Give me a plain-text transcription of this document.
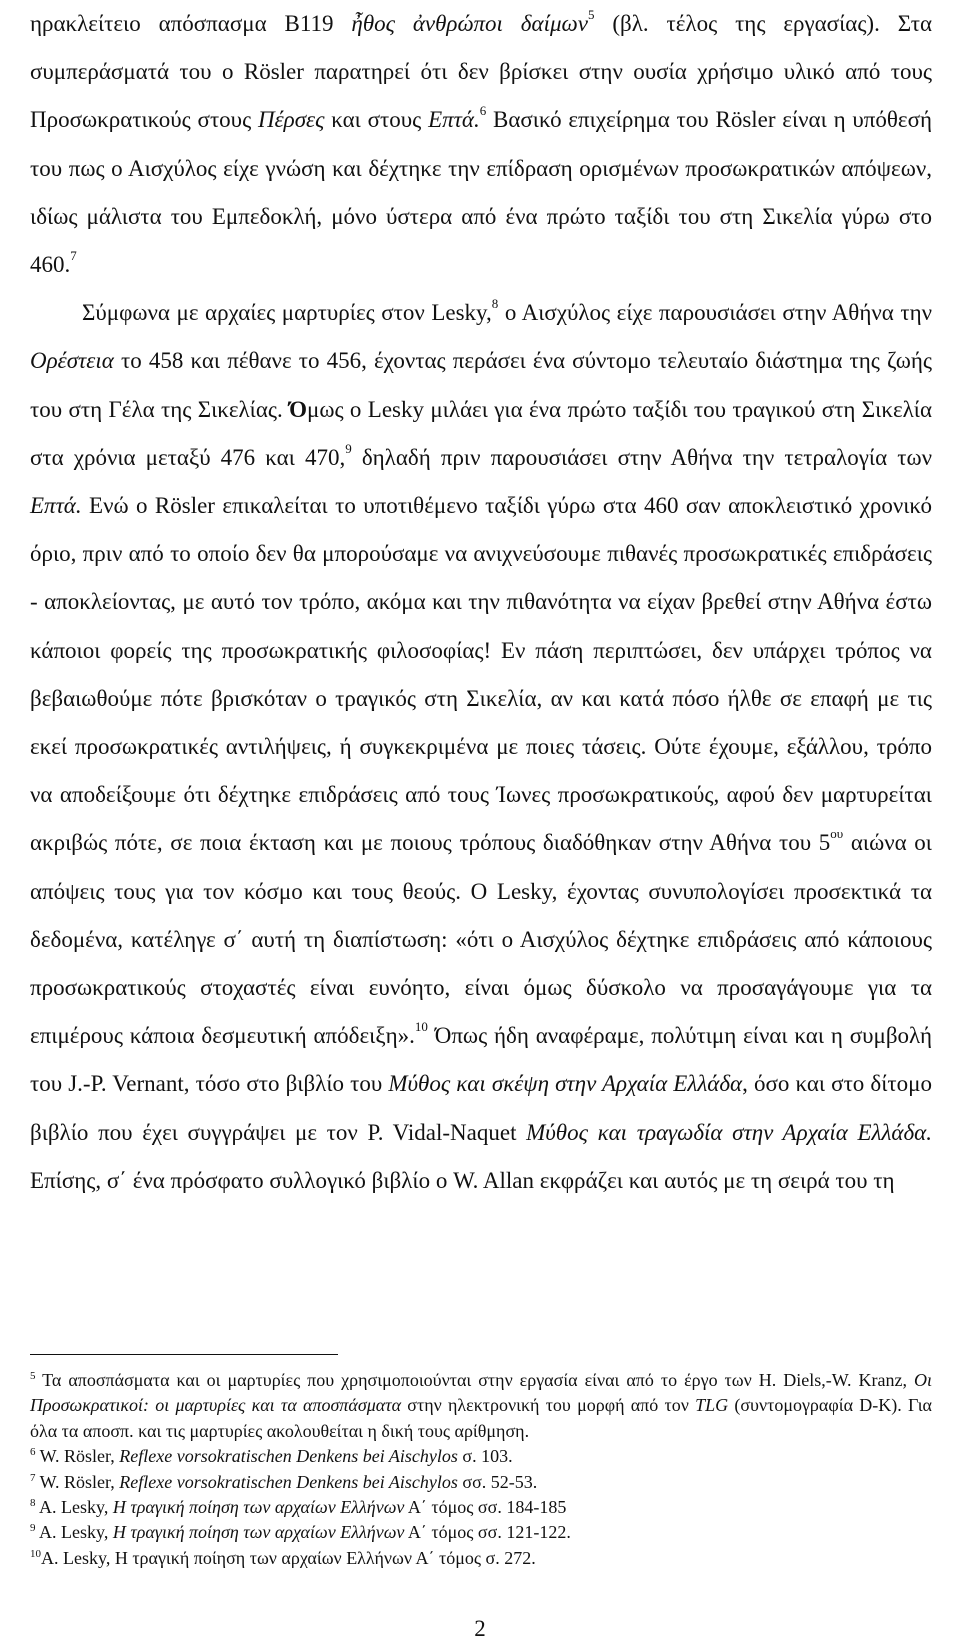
ηρακλείτειο απόσπασμα Β119 ἦθος ἀνθρώποι δαίμων$^5$ (βλ. τέλος της εργασίας). Στα συμπεράσματά του ο Rösler παρατηρεί ότι δεν βρίσκει στην ουσία χρήσιμο υλικό από τους Προσωκρατικούς στους Πέρσες και στους Επτά.$^6$ Βασικό επιχείρημα του Rösler είναι η υπόθεσή του πως ο Αισχύλος είχε γνώση και δέχτηκε την επίδραση ορισμένων προσωκρατικών απόψεων, ιδίως μάλιστα του Εμπεδοκλή, μόνο ύστερα από ένα πρώτο ταξίδι του στη Σικελία γύρω στο 460.$^7$

Σύμφωνα με αρχαίες μαρτυρίες στον Lesky,$^8$ ο Αισχύλος είχε παρουσιάσει στην Αθήνα την Ορέστεια το 458 και πέθανε το 456, έχοντας περάσει ένα σύντομο τελευταίο διάστημα της ζωής του στη Γέλα της Σικελίας. Όμως ο Lesky μιλάει για ένα πρώτο ταξίδι του τραγικού στη Σικελία στα χρόνια μεταξύ 476 και 470,$^9$ δηλαδή πριν παρουσιάσει στην Αθήνα την τετραλογία των Επτά. Ενώ ο Rösler επικαλείται το υποτιθέμενο ταξίδι γύρω στα 460 σαν αποκλειστικό χρονικό όριο, πριν από το οποίο δεν θα μπορούσαμε να ανιχνεύσουμε πιθανές προσωκρατικές επιδράσεις - αποκλείοντας, με αυτό τον τρόπο, ακόμα και την πιθανότητα να είχαν βρεθεί στην Αθήνα έστω κάποιοι φορείς της προσωκρατικής φιλοσοφίας! Εν πάση περιπτώσει, δεν υπάρχει τρόπος να βεβαιωθούμε πότε βρισκόταν ο τραγικός στη Σικελία, αν και κατά πόσο ήλθε σε επαφή με τις εκεί προσωκρατικές αντιλήψεις, ή συγκεκριμένα με ποιες τάσεις. Ούτε έχουμε, εξάλλου, τρόπο να αποδείξουμε ότι δέχτηκε επιδράσεις από τους Ίωνες προσωκρατικούς, αφού δεν μαρτυρείται ακριβώς πότε, σε ποια έκταση και με ποιους τρόπους διαδόθηκαν στην Αθήνα του $5^{o\upsilon}$ αιώνα οι απόψεις τους για τον κόσμο και τους θεούς. Ο Lesky, έχοντας συνυπολογίσει προσεκτικά τα δεδομένα, κατέληγε σ΄ αυτή τη διαπίστωση: «ότι ο Αισχύλος δέχτηκε επιδράσεις από κάποιους προσωκρατικούς στοχαστές είναι ευνόητο, είναι όμως δύσκολο να προσαγάγουμε για τα επιμέρους κάποια δεσμευτική απόδειξη».$^{10}$ Όπως ήδη αναφέραμε, πολύτιμη είναι και η συμβολή του J.-P. Vernant, τόσο στο βιβλίο του Μύθος και σκέψη στην Αρχαία Ελλάδα, όσο και στο δίτομο βιβλίο που έχει συγγράψει με τον P. Vidal-Naquet Μύθος και τραγωδία στην Αρχαία Ελλάδα. Επίσης, σ΄ ένα πρόσφατο συλλογικό βιβλίο ο W. Allan εκφράζει και αυτός με τη σειρά του τη

$^5$ Τα αποσπάσματα και οι μαρτυρίες που χρησιμοποιούνται στην εργασία είναι από το έργο των H. Diels,-W. Kranz, Οι Προσωκρατικοί: οι μαρτυρίες και τα αποσπάσματα στην ηλεκτρονική του μορφή από τον TLG (συντομογραφία D-K). Για όλα τα αποσπ. και τις μαρτυρίες ακολουθείται η δική τους αρίθμηση.

$^6$ W. Rösler, Reflexe vorsokratischen Denkens bei Aischylos σ. 103.

$^7$ W. Rösler, Reflexe vorsokratischen Denkens bei Aischylos σσ. 52-53.

$^8$ A. Lesky, Η τραγική ποίηση των αρχαίων Ελλήνων Α΄ τόμος σσ. 184-185

$^9$ A. Lesky, Η τραγική ποίηση των αρχαίων Ελλήνων Α΄ τόμος σσ. 121-122.

$^{10}$A. Lesky, Η τραγική ποίηση των αρχαίων Ελλήνων Α΄ τόμος σ. 272.

2
